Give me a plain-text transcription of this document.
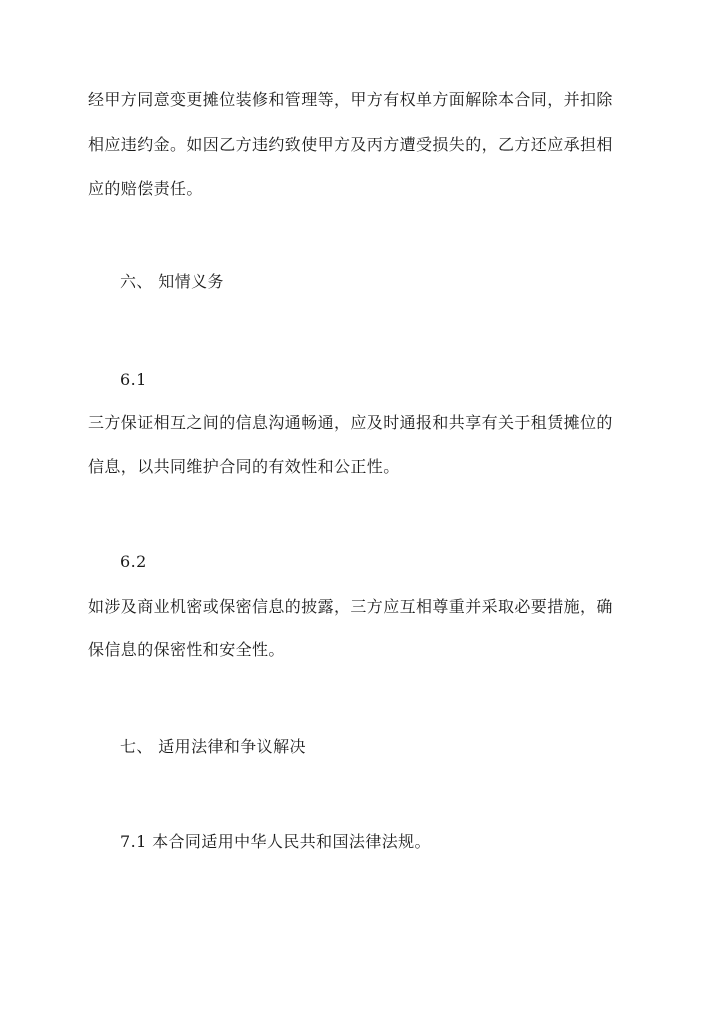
经甲方同意变更摊位装修和管理等，甲方有权单方面解除本合同，并扣除
相应违约金。如因乙方违约致使甲方及丙方遭受损失的，乙方还应承担相
应的赔偿责任。
六、 知情义务
6.1
三方保证相互之间的信息沟通畅通，应及时通报和共享有关于租赁摊位的
信息，以共同维护合同的有效性和公正性。
6.2
如涉及商业机密或保密信息的披露，三方应互相尊重并采取必要措施，确
保信息的保密性和安全性。
七、 适用法律和争议解决
7.1 本合同适用中华人民共和国法律法规。
